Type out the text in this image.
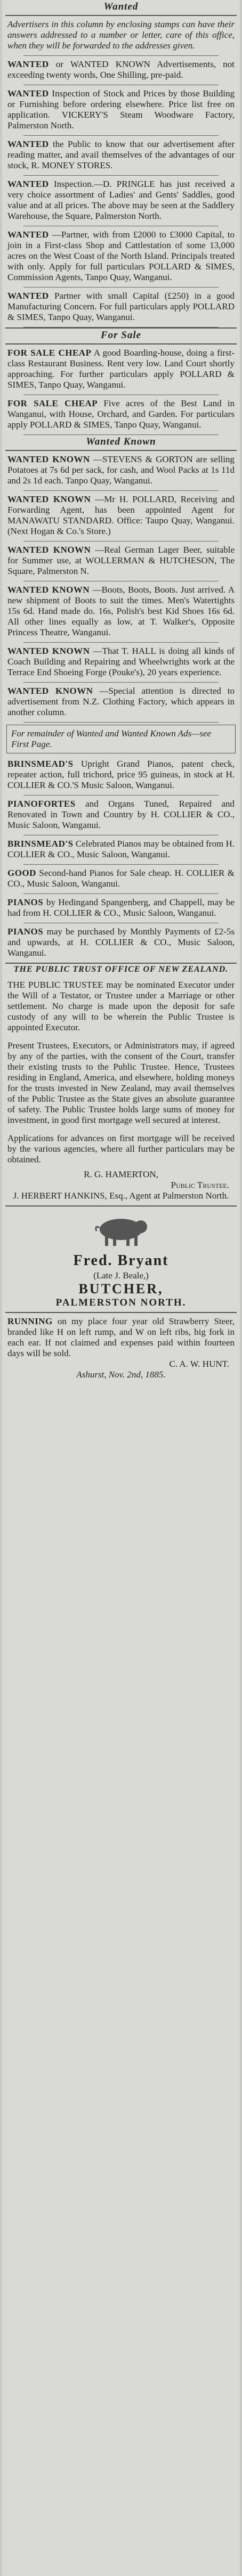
Wanted
Advertisers in this column by enclosing stamps can have their answers addressed to a number or letter, care of this office, when they will be forwarded to the addresses given.
WANTED or WANTED KNOWN Advertisements, not exceeding twenty words, One Shilling, pre-paid.
WANTED Inspection of Stock and Prices by those Building or Furnishing before ordering elsewhere. Price list free on application. VICKERY'S Steam Woodware Factory, Palmerston North.
WANTED the Public to know that our advertisement after reading matter, and avail themselves of the advantages of our stock, R. MONEY STORES.
WANTED Inspection.—D. PRINGLE has just received a very choice assortment of Ladies' and Gents' Saddles, good value and at all prices. The above may be seen at the Saddlery Warehouse, the Square, Palmerston North.
WANTED —Partner, with from £2000 to £3000 Capital, to join in a First-class Shop and Cattlestation of some 13,000 acres on the West Coast of the North Island. Principals treated with only. Apply for full particulars POLLARD & SIMES, Commission Agents, Tanpo Quay, Wanganui.
WANTED Partner with small Capital (£250) in a good Manufacturing Concern. For full particulars apply POLLARD & SIMES, Tanpo Quay, Wanganui.
For Sale
FOR SALE CHEAP A good Boarding-house, doing a first-class Restaurant Business. Rent very low. Land Court shortly approaching. For further particulars apply POLLARD & SIMES, Tanpo Quay, Wanganui.
FOR SALE CHEAP Five acres of the Best Land in Wanganui, with House, Orchard, and Garden. For particulars apply POLLARD & SIMES, Tanpo Quay, Wanganui.
Wanted Known
WANTED KNOWN —STEVENS & GORTON are selling Potatoes at 7s 6d per sack, for cash, and Wool Packs at 1s 11d and 2s 1d each. Tanpo Quay, Wanganui.
WANTED KNOWN —Mr H. POLLARD, Receiving and Forwarding Agent, has been appointed Agent for MANAWATU STANDARD. Office: Taupo Quay, Wanganui. (Next Hogan & Co.'s Store.)
WANTED KNOWN —Real German Lager Beer, suitable for Summer use, at WOLLERMAN & HUTCHESON, The Square, Palmerston N.
WANTED KNOWN —Boots, Boots, Boots. Just arrived. A new shipment of Boots to suit the times. Men's Watertights 15s 6d. Hand made do. 16s, Polish's best Kid Shoes 16s 6d. All other lines equally as low, at T. Walker's, Opposite Princess Theatre, Wanganui.
WANTED KNOWN —That T. HALL is doing all kinds of Coach Building and Repairing and Wheelwrights work at the Terrace End Shoeing Forge (Pouke's), 20 years experience.
WANTED KNOWN —Special attention is directed to advertisement from N.Z. Clothing Factory, which appears in another column.
For remainder of Wanted and Wanted Known Ads—see First Page.
BRINSMEAD'S Upright Grand Pianos, patent check, repeater action, full trichord, price 95 guineas, in stock at H. COLLIER & CO.'S Music Saloon, Wanganui.
PIANOFORTES and Organs Tuned, Repaired and Renovated in Town and Country by H. COLLIER & CO., Music Saloon, Wanganui.
BRINSMEAD'S Celebrated Pianos may be obtained from H. COLLIER & CO., Music Saloon, Wanganui.
GOOD Second-hand Pianos for Sale cheap. H. COLLIER & CO., Music Saloon, Wanganui.
PIANOS by Hedingand Spangenberg, and Chappell, may be had from H. COLLIER & CO., Music Saloon, Wanganui.
PIANOS may be purchased by Monthly Payments of £2-5s and upwards, at H. COLLIER & CO., Music Saloon, Wanganui.
THE PUBLIC TRUST OFFICE OF NEW ZEALAND.
THE PUBLIC TRUSTEE may be nominated Executor under the Will of a Testator, or Trustee under a Marriage or other settlement. No charge is made upon the deposit for safe custody of any will to be wherein the Public Trustee is appointed Executor.
Present Trustees, Executors, or Administrators may, if agreed by any of the parties, with the consent of the Court, transfer their existing trusts to the Public Trustee. Hence, Trustees residing in England, America, and elsewhere, holding moneys for the trusts invested in New Zealand, may avail themselves of the Public Trustee as the State gives an absolute guarantee of safety. The Public Trustee holds large sums of money for investment, in good first mortgage well secured at interest.
Applications for advances on first mortgage will be received by the various agencies, where all further particulars may be obtained.
R. G. HAMERTON,
Public Trustee.
J. HERBERT HANKINS, Esq., Agent at Palmerston North.
Fred. Bryant
(Late J. Beale,)
BUTCHER,
PALMERSTON NORTH.
RUNNING on my place four year old Strawberry Steer, branded like H on left rump, and W on left ribs, big fork in each ear. If not claimed and expenses paid within fourteen days will be sold.
C. A. W. HUNT.
Ashurst, Nov. 2nd, 1885.
